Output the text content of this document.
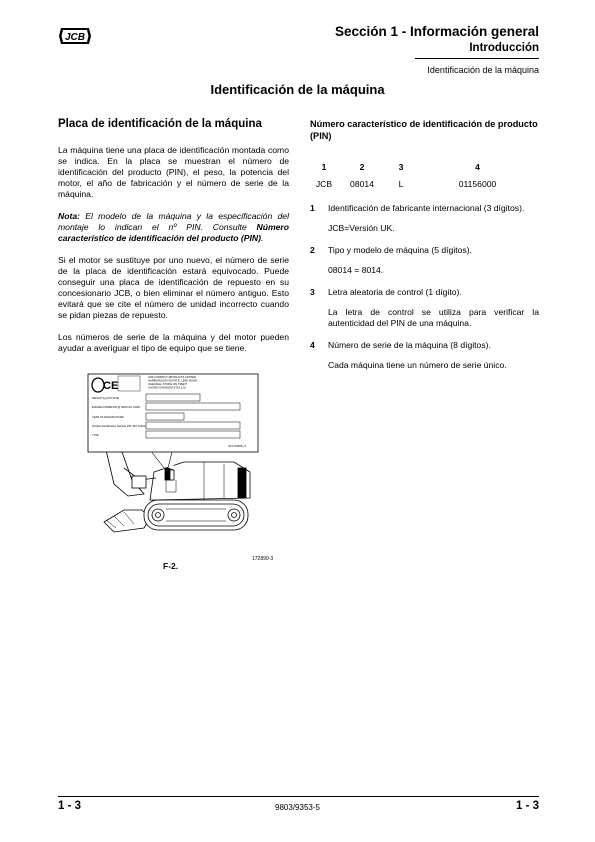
JCB	Sección 1 - Información general
Introducción
Identificación de la máquina
Identificación de la máquina
Placa de identificación de la máquina

La máquina tiene una placa de identificación montada como se indica. En la placa se muestran el número de identificación del producto (PIN), el peso, la potencia del motor, el año de fabricación y el número de serie de la máquina.

Nota: El modelo de la máquina y la especificación del montaje lo indican el nº PIN. Consulte Número característico de identificación del producto (PIN).

Si el motor se sustituye por uno nuevo, el número de serie de la placa de identificación estará equivocado. Puede conseguir una placa de identificación de repuesto en su concesionario JCB, o bien eliminar el número antiguo. Esto evitará que se cite el número de unidad incorrecto cuando se pidan piezas de repuesto.

Los números de serie de la máquina y del motor pueden ayudar a averiguar el tipo de equipo que se tiene.

CE
JCB COMPACT PRODUCTS LIMITED
HARBOROUGH ESTATE, LEEK ROAD
CHEADLE, STOKE ON TRENT
UNITED KINGDOM ST10 2JU
WEIGHT kg (ISO 6016)
ENGINE POWER kW @ RPM ISO 14396
YEAR OF MANUFACTURE
Product Identification Number PIN (ISO 10261)
TYPE
817/16455_6
172890-3
F-2.
Número característico de identificación de producto (PIN)
1	2	3	4
JCB	08014	L	01156000
1	Identificación de fabricante internacional (3 dígitos).

JCB=Versión UK.

2	Tipo y modelo de máquina (5 dígitos).

08014 = 8014.

3	Letra aleatoria de control (1 dígito).

La letra de control se utiliza para verificar la autenticidad del PIN de una máquina.

4	Número de serie de la máquina (8 dígitos).

Cada máquina tiene un número de serie único.

1 - 3	9803/9353-5	1 - 3
